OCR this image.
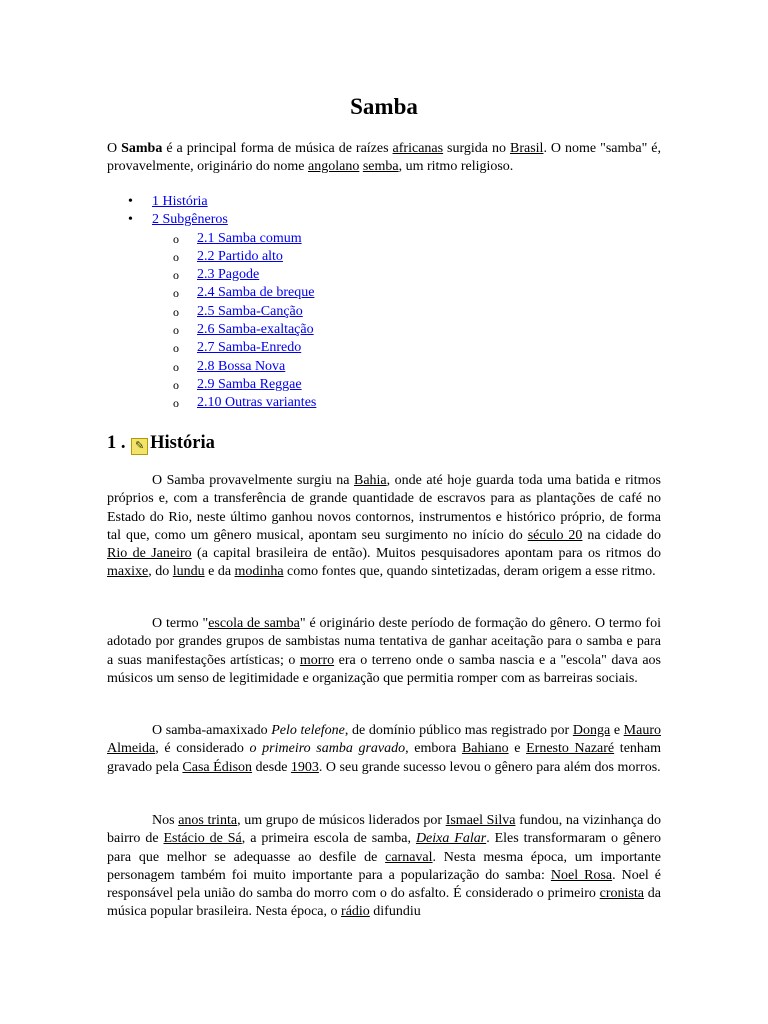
Samba

O Samba é a principal forma de música de raízes africanas surgida no Brasil. O nome "samba" é, provavelmente, originário do nome angolano semba, um ritmo religioso.

• 1 História
• 2 Subgêneros
o 2.1 Samba comum
o 2.2 Partido alto
o 2.3 Pagode
o 2.4 Samba de breque
o 2.5 Samba-Canção
o 2.6 Samba-exaltação
o 2.7 Samba-Enredo
o 2.8 Bossa Nova
o 2.9 Samba Reggae
o 2.10 Outras variantes
1 . ✎ História

O Samba provavelmente surgiu na Bahia, onde até hoje guarda toda uma batida e ritmos próprios e, com a transferência de grande quantidade de escravos para as plantações de café no Estado do Rio, neste último ganhou novos contornos, instrumentos e histórico próprio, de forma tal que, como um gênero musical, apontam seu surgimento no início do século 20 na cidade do Rio de Janeiro (a capital brasileira de então). Muitos pesquisadores apontam para os ritmos do maxixe, do lundu e da modinha como fontes que, quando sintetizadas, deram origem a esse ritmo.

O termo "escola de samba" é originário deste período de formação do gênero. O termo foi adotado por grandes grupos de sambistas numa tentativa de ganhar aceitação para o samba e para a suas manifestações artísticas; o morro era o terreno onde o samba nascia e a "escola" dava aos músicos um senso de legitimidade e organização que permitia romper com as barreiras sociais.

O samba-amaxixado Pelo telefone, de domínio público mas registrado por Donga e Mauro Almeida, é considerado o primeiro samba gravado, embora Bahiano e Ernesto Nazaré tenham gravado pela Casa Édison desde 1903. O seu grande sucesso levou o gênero para além dos morros.

Nos anos trinta, um grupo de músicos liderados por Ismael Silva fundou, na vizinhança do bairro de Estácio de Sá, a primeira escola de samba, Deixa Falar. Eles transformaram o gênero para que melhor se adequasse ao desfile de carnaval. Nesta mesma época, um importante personagem também foi muito importante para a popularização do samba: Noel Rosa. Noel é responsável pela união do samba do morro com o do asfalto. É considerado o primeiro cronista da música popular brasileira. Nesta época, o rádio difundiu
